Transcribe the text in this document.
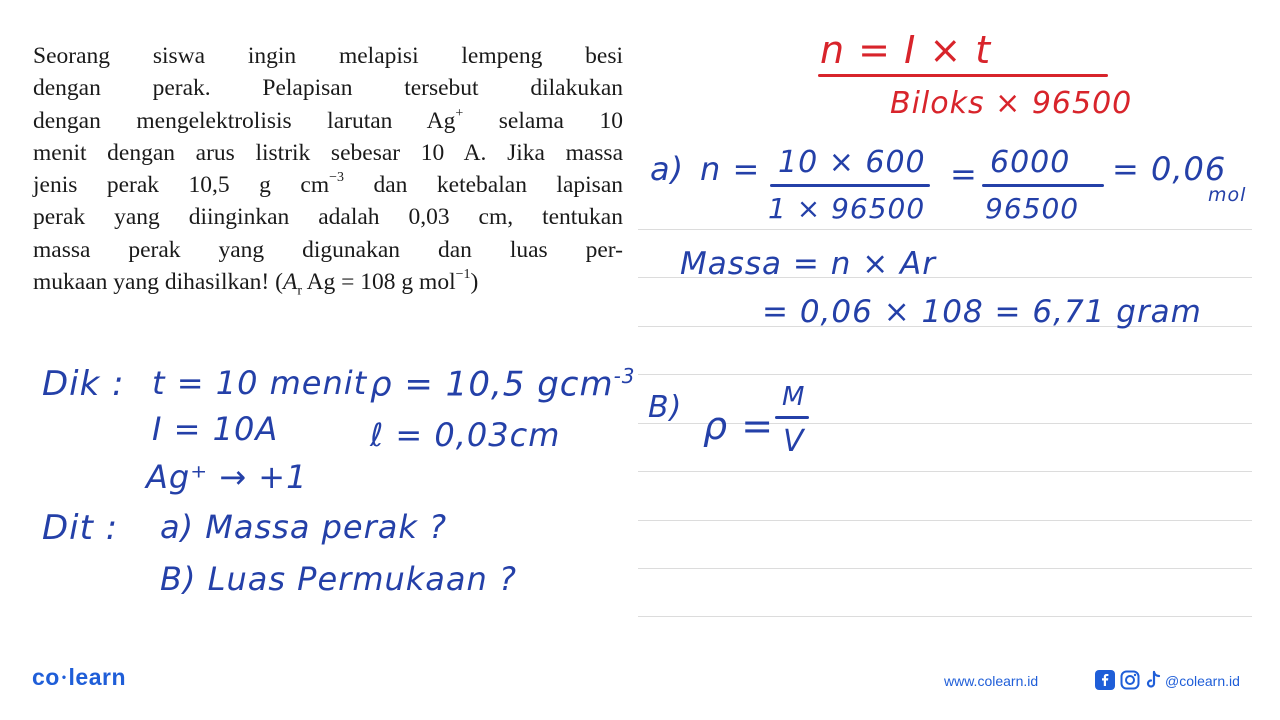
Seorang siswa ingin melapisi lempeng besi
dengan perak. Pelapisan tersebut dilakukan
dengan mengelektrolisis larutan Ag+ selama 10
menit dengan arus listrik sebesar 10 A. Jika massa
jenis perak 10,5 g $cm^{-3}$ dan ketebalan lapisan
perak yang diinginkan adalah 0,03 cm, tentukan
massa perak yang digunakan dan luas per-
mukaan yang dihasilkan! ($A_r$ Ag = 108 g mol$^{-1}$)
n = I × t
Biloks × 96500
a) n = 10 × 600
1 × 96500
= 6000
96500
= 0,06
mol
Massa = n × Ar
= 0,06 × 108 = 6,71 gram
B) ρ =
M
V
Dik : t = 10 menit
I = 10A
Ag⁺ → +1
ρ = 10,5 gcm$^{-3}$
ℓ = 0,03cm
Dit : a) Massa perak ?
B) Luas Permukaan ?
co •learn	www.colearn.id	@colearn.id
